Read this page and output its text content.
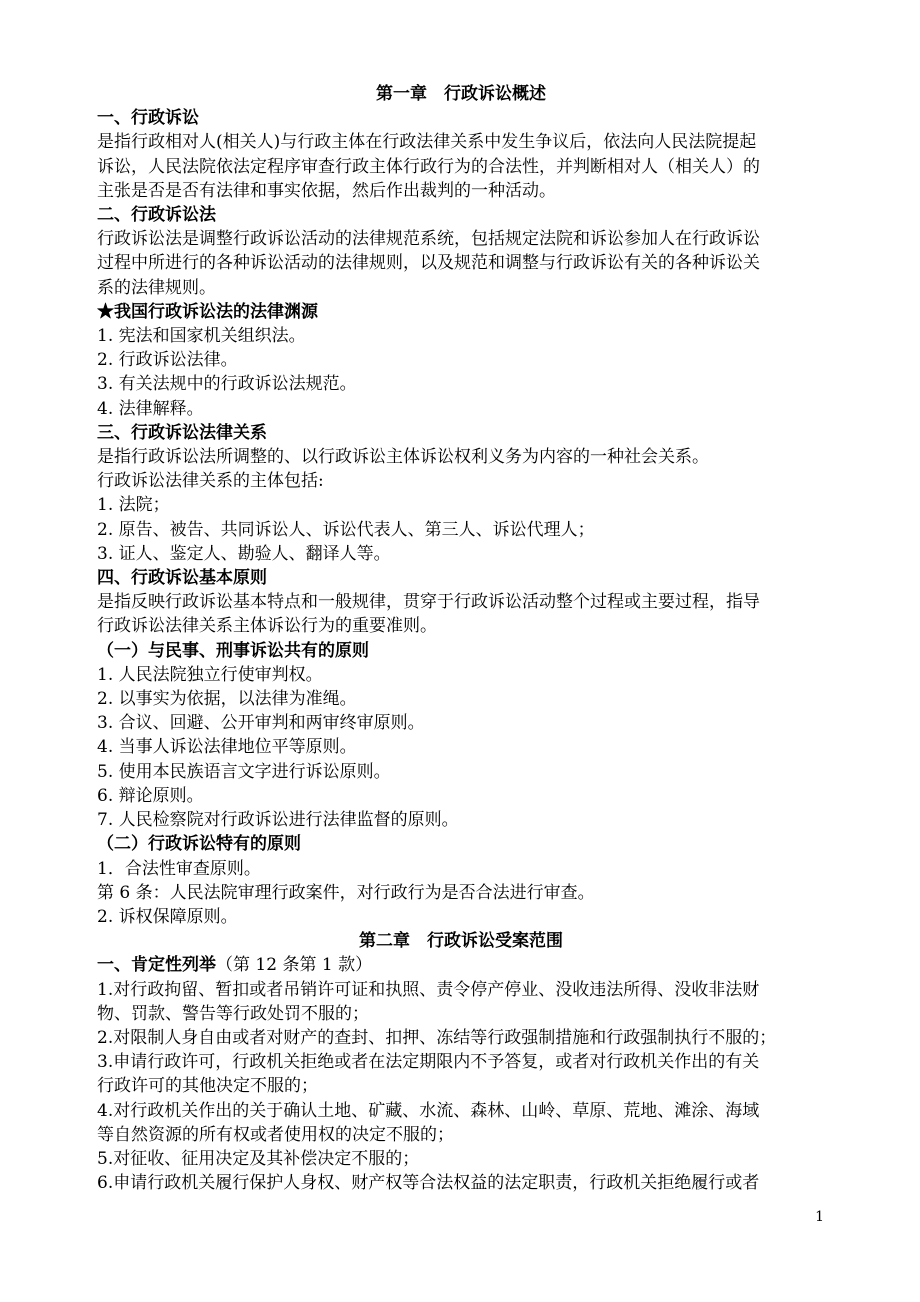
第一章　行政诉讼概述
一、行政诉讼
是指行政相对人(相关人)与行政主体在行政法律关系中发生争议后，依法向人民法院提起
诉讼，人民法院依法定程序审查行政主体行政行为的合法性，并判断相对人（相关人）的
主张是否是否有法律和事实依据，然后作出裁判的一种活动。
二、行政诉讼法
行政诉讼法是调整行政诉讼活动的法律规范系统，包括规定法院和诉讼参加人在行政诉讼
过程中所进行的各种诉讼活动的法律规则，以及规范和调整与行政诉讼有关的各种诉讼关
系的法律规则。
★我国行政诉讼法的法律渊源
1. 宪法和国家机关组织法。
2. 行政诉讼法律。
3. 有关法规中的行政诉讼法规范。
4. 法律解释。
三、行政诉讼法律关系
是指行政诉讼法所调整的、以行政诉讼主体诉讼权利义务为内容的一种社会关系。
行政诉讼法律关系的主体包括:
1. 法院；
2. 原告、被告、共同诉讼人、诉讼代表人、第三人、诉讼代理人；
3. 证人、鉴定人、勘验人、翻译人等。
四、行政诉讼基本原则
是指反映行政诉讼基本特点和一般规律，贯穿于行政诉讼活动整个过程或主要过程，指导
行政诉讼法律关系主体诉讼行为的重要准则。
（一）与民事、刑事诉讼共有的原则
1. 人民法院独立行使审判权。
2. 以事实为依据，以法律为准绳。
3. 合议、回避、公开审判和两审终审原则。
4. 当事人诉讼法律地位平等原则。
5. 使用本民族语言文字进行诉讼原则。
6. 辩论原则。
7. 人民检察院对行政诉讼进行法律监督的原则。
（二）行政诉讼特有的原则
1．合法性审查原则。
第 6 条：人民法院审理行政案件，对行政行为是否合法进行审查。
2. 诉权保障原则。
第二章　行政诉讼受案范围
一、肯定性列举（第 12 条第 1 款）
1.对行政拘留、暂扣或者吊销许可证和执照、责令停产停业、没收违法所得、没收非法财
物、罚款、警告等行政处罚不服的；
2.对限制人身自由或者对财产的查封、扣押、冻结等行政强制措施和行政强制执行不服的；
3.申请行政许可，行政机关拒绝或者在法定期限内不予答复，或者对行政机关作出的有关
行政许可的其他决定不服的；
4.对行政机关作出的关于确认土地、矿藏、水流、森林、山岭、草原、荒地、滩涂、海域
等自然资源的所有权或者使用权的决定不服的；
5.对征收、征用决定及其补偿决定不服的；
6.申请行政机关履行保护人身权、财产权等合法权益的法定职责，行政机关拒绝履行或者
1
